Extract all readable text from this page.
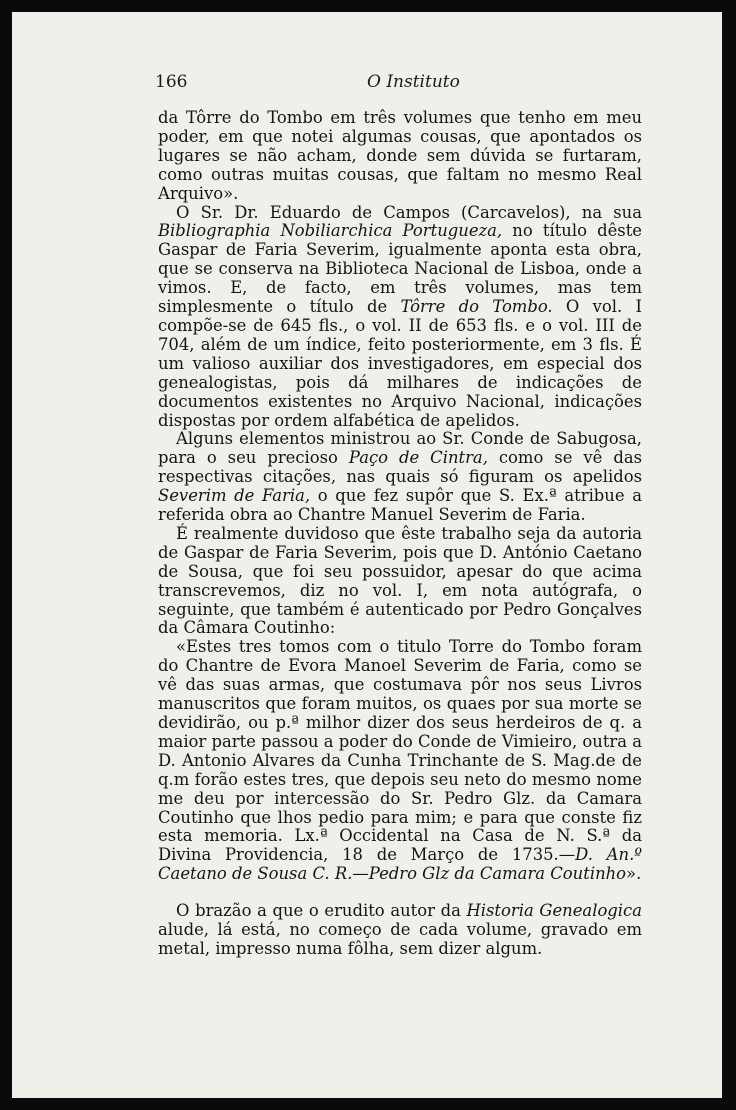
166	O Instituto

da Tôrre do Tombo em três volumes que tenho em meu poder, em que notei algumas cousas, que apontados os lugares se não acham, donde sem dúvida se furtaram, como outras muitas cousas, que faltam no mesmo Real Arquivo».

O Sr. Dr. Eduardo de Campos (Carcavelos), na sua Bibliographia Nobiliarchica Portugueza, no título dêste Gaspar de Faria Severim, igualmente aponta esta obra, que se conserva na Biblioteca Nacional de Lisboa, onde a vimos. E, de facto, em três volumes, mas tem simplesmente o título de Tôrre do Tombo. O vol. I compõe-se de 645 fls., o vol. II de 653 fls. e o vol. III de 704, além de um índice, feito posteriormente, em 3 fls. É um valioso auxiliar dos investigadores, em especial dos genealogistas, pois dá milhares de indicações de documentos existentes no Arquivo Nacional, indicações dispostas por ordem alfabética de apelidos.

Alguns elementos ministrou ao Sr. Conde de Sabugosa, para o seu precioso Paço de Cintra, como se vê das respectivas citações, nas quais só figuram os apelidos Severim de Faria, o que fez supôr que S. Ex.ª atribue a referida obra ao Chantre Manuel Severim de Faria.

É realmente duvidoso que êste trabalho seja da autoria de Gaspar de Faria Severim, pois que D. António Caetano de Sousa, que foi seu possuidor, apesar do que acima transcrevemos, diz no vol. I, em nota autógrafa, o seguinte, que também é autenticado por Pedro Gonçalves da Câmara Coutinho:

«Estes tres tomos com o titulo Torre do Tombo foram do Chantre de Evora Manoel Severim de Faria, como se vê das suas armas, que costumava pôr nos seus Livros manuscritos que foram muitos, os quaes por sua morte se devidirão, ou p.ª milhor dizer dos seus herdeiros de q. a maior parte passou a poder do Conde de Vimieiro, outra a D. Antonio Alvares da Cunha Trinchante de S. Mag.de de q.m forão estes tres, que depois seu neto do mesmo nome me deu por intercessão do Sr. Pedro Glz. da Camara Coutinho que lhos pedio para mim; e para que conste fiz esta memoria. Lx.ª Occidental na Casa de N. S.ª da Divina Providencia, 18 de Março de 1735.—D. An.º Caetano de Sousa C. R.—Pedro Glz da Camara Coutinho».

O brazão a que o erudito autor da Historia Genealogica alude, lá está, no começo de cada volume, gravado em metal, impresso numa fôlha, sem dizer algum.
